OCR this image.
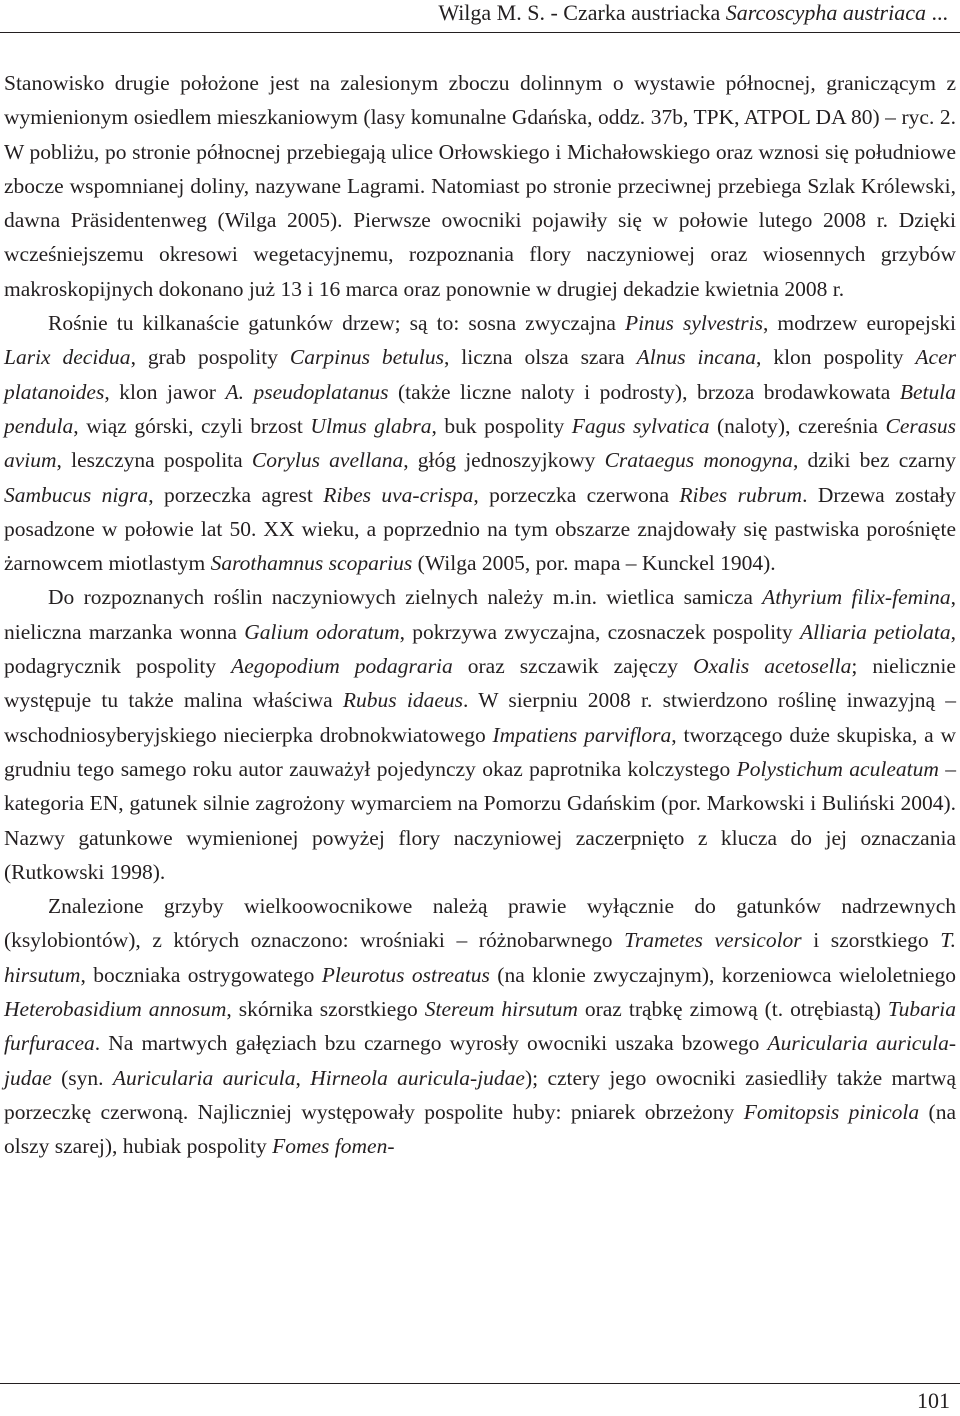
Wilga M. S. - Czarka austriacka Sarcoscypha austriaca ...

Stanowisko drugie położone jest na zalesionym zboczu dolinnym o wystawie północnej, graniczącym z wymienionym osiedlem mieszkaniowym (lasy komunalne Gdańska, oddz. 37b, TPK, ATPOL DA 80) – ryc. 2. W pobliżu, po stronie północnej przebiegają ulice Orłowskiego i Michałowskiego oraz wznosi się południowe zbocze wspomnianej doliny, nazywane Lagrami. Natomiast po stronie przeciwnej przebiega Szlak Królewski, dawna Präsidentenweg (Wilga 2005). Pierwsze owocniki pojawiły się w połowie lutego 2008 r. Dzięki wcześniejszemu okresowi wegetacyjnemu, rozpoznania flory naczyniowej oraz wiosennych grzybów makroskopijnych dokonano już 13 i 16 marca oraz ponownie w drugiej dekadzie kwietnia 2008 r.

Rośnie tu kilkanaście gatunków drzew; są to: sosna zwyczajna Pinus sylvestris, modrzew europejski Larix decidua, grab pospolity Carpinus betulus, liczna olsza szara Alnus incana, klon pospolity Acer platanoides, klon jawor A. pseudoplatanus (także liczne naloty i podrosty), brzoza brodawkowata Betula pendula, wiąz górski, czyli brzost Ulmus glabra, buk pospolity Fagus sylvatica (naloty), czereśnia Cerasus avium, leszczyna pospolita Corylus avellana, głóg jednoszyjkowy Crataegus monogyna, dziki bez czarny Sambucus nigra, porzeczka agrest Ribes uva-crispa, porzeczka czerwona Ribes rubrum. Drzewa zostały posadzone w połowie lat 50. XX wieku, a poprzednio na tym obszarze znajdowały się pastwiska porośnięte żarnowcem miotlastym Sarothamnus scoparius (Wilga 2005, por. mapa – Kunckel 1904).

Do rozpoznanych roślin naczyniowych zielnych należy m.in. wietlica samicza Athyrium filix-femina, nieliczna marzanka wonna Galium odoratum, pokrzywa zwyczajna, czosnaczek pospolity Alliaria petiolata, podagrycznik pospolity Aegopodium podagraria oraz szczawik zajęczy Oxalis acetosella; nielicznie występuje tu także malina właściwa Rubus idaeus. W sierpniu 2008 r. stwierdzono roślinę inwazyjną – wschodniosyberyjskiego niecierpka drobnokwiatowego Impatiens parviflora, tworzącego duże skupiska, a w grudniu tego samego roku autor zauważył pojedynczy okaz paprotnika kolczystego Polystichum aculeatum – kategoria EN, gatunek silnie zagrożony wymarciem na Pomorzu Gdańskim (por. Markowski i Buliński 2004). Nazwy gatunkowe wymienionej powyżej flory naczyniowej zaczerpnięto z klucza do jej oznaczania (Rutkowski 1998).

Znalezione grzyby wielkoowocnikowe należą prawie wyłącznie do gatunków nadrzewnych (ksylobiontów), z których oznaczono: wrośniaki – różnobarwnego Trametes versicolor i szorstkiego T. hirsutum, boczniaka ostrygowatego Pleurotus ostreatus (na klonie zwyczajnym), korzeniowca wieloletniego Heterobasidium annosum, skórnika szorstkiego Stereum hirsutum oraz trąbkę zimową (t. otrębiastą) Tubaria furfuracea. Na martwych gałęziach bzu czarnego wyrosły owocniki uszaka bzowego Auricularia auricula-judae (syn. Auricularia auricula, Hirneola auricula-judae); cztery jego owocniki zasiedliły także martwą porzeczkę czerwoną. Najliczniej występowały pospolite huby: pniarek obrzeżony Fomitopsis pinicola (na olszy szarej), hubiak pospolity Fomes fomen-

101
